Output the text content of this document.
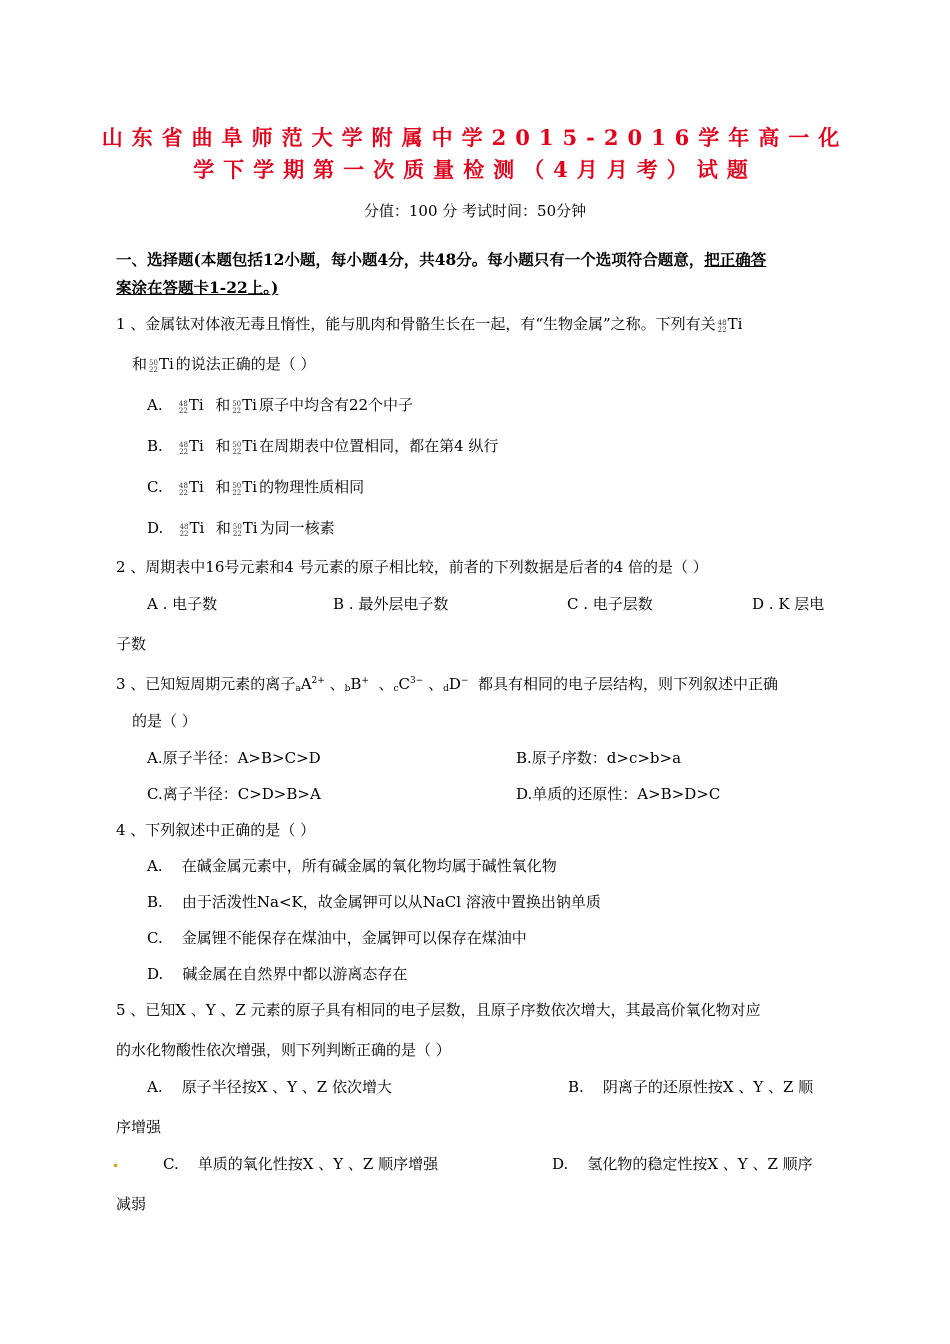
山东省曲阜师范大学附属中学2015-2016学年高一化
学下学期第一次质量检测（4月月考）试题
分值：100 分 考试时间：50分钟
一、选择题(本题包括12小题，每小题4分，共48分。每小题只有一个选项符合题意，把正确答
案涂在答题卡1-22上。)
1 、金属钛对体液无毒且惰性，能与肌肉和骨骼生长在一起，有“生物金属”之称。下列有关 48
22 Ti
和 50
22 Ti 的说法正确的是（ ）
A. 48
22 Ti 和 50
22 Ti 原子中均含有22个中子
B. 48
22 Ti 和 50
22 Ti 在周期表中位置相同，都在第4 纵行
C. 48
22 Ti 和 50
22 Ti 的物理性质相同
D. 48
22 Ti 和 50
22 Ti 为同一核素
2 、周期表中16号元素和4 号元素的原子相比较，前者的下列数据是后者的4 倍的是（ ）
A . 电子数	B . 最外层电子数	C . 电子层数	D . K 层电
子数
3 、已知短周期元素的离子$_aA^{2+}$ 、$_b$B+  、$_cC^{3-}$ 、$_d$D− 都具有相同的电子层结构，则下列叙述中正确
的是（ ）
A.原子半径：A>B>C>D	B.原子序数：d>c>b>a
C.离子半径：C>D>B>A	D.单质的还原性：A>B>D>C
4 、下列叙述中正确的是（ ）
A. 在碱金属元素中，所有碱金属的氧化物均属于碱性氧化物
B. 由于活泼性Na<K，故金属钾可以从NaCl 溶液中置换出钠单质
C. 金属锂不能保存在煤油中，金属钾可以保存在煤油中
D. 碱金属在自然界中都以游离态存在
5 、已知X 、Y 、Z 元素的原子具有相同的电子层数，且原子序数依次增大，其最高价氧化物对应
的水化物酸性依次增强，则下列判断正确的是（ ）
A. 原子半径按X 、Y 、Z 依次增大	B. 阴离子的还原性按X 、Y 、Z 顺
序增强
C. 单质的氧化性按X 、Y 、Z 顺序增强	D. 氢化物的稳定性按X 、Y 、Z 顺序
减弱
